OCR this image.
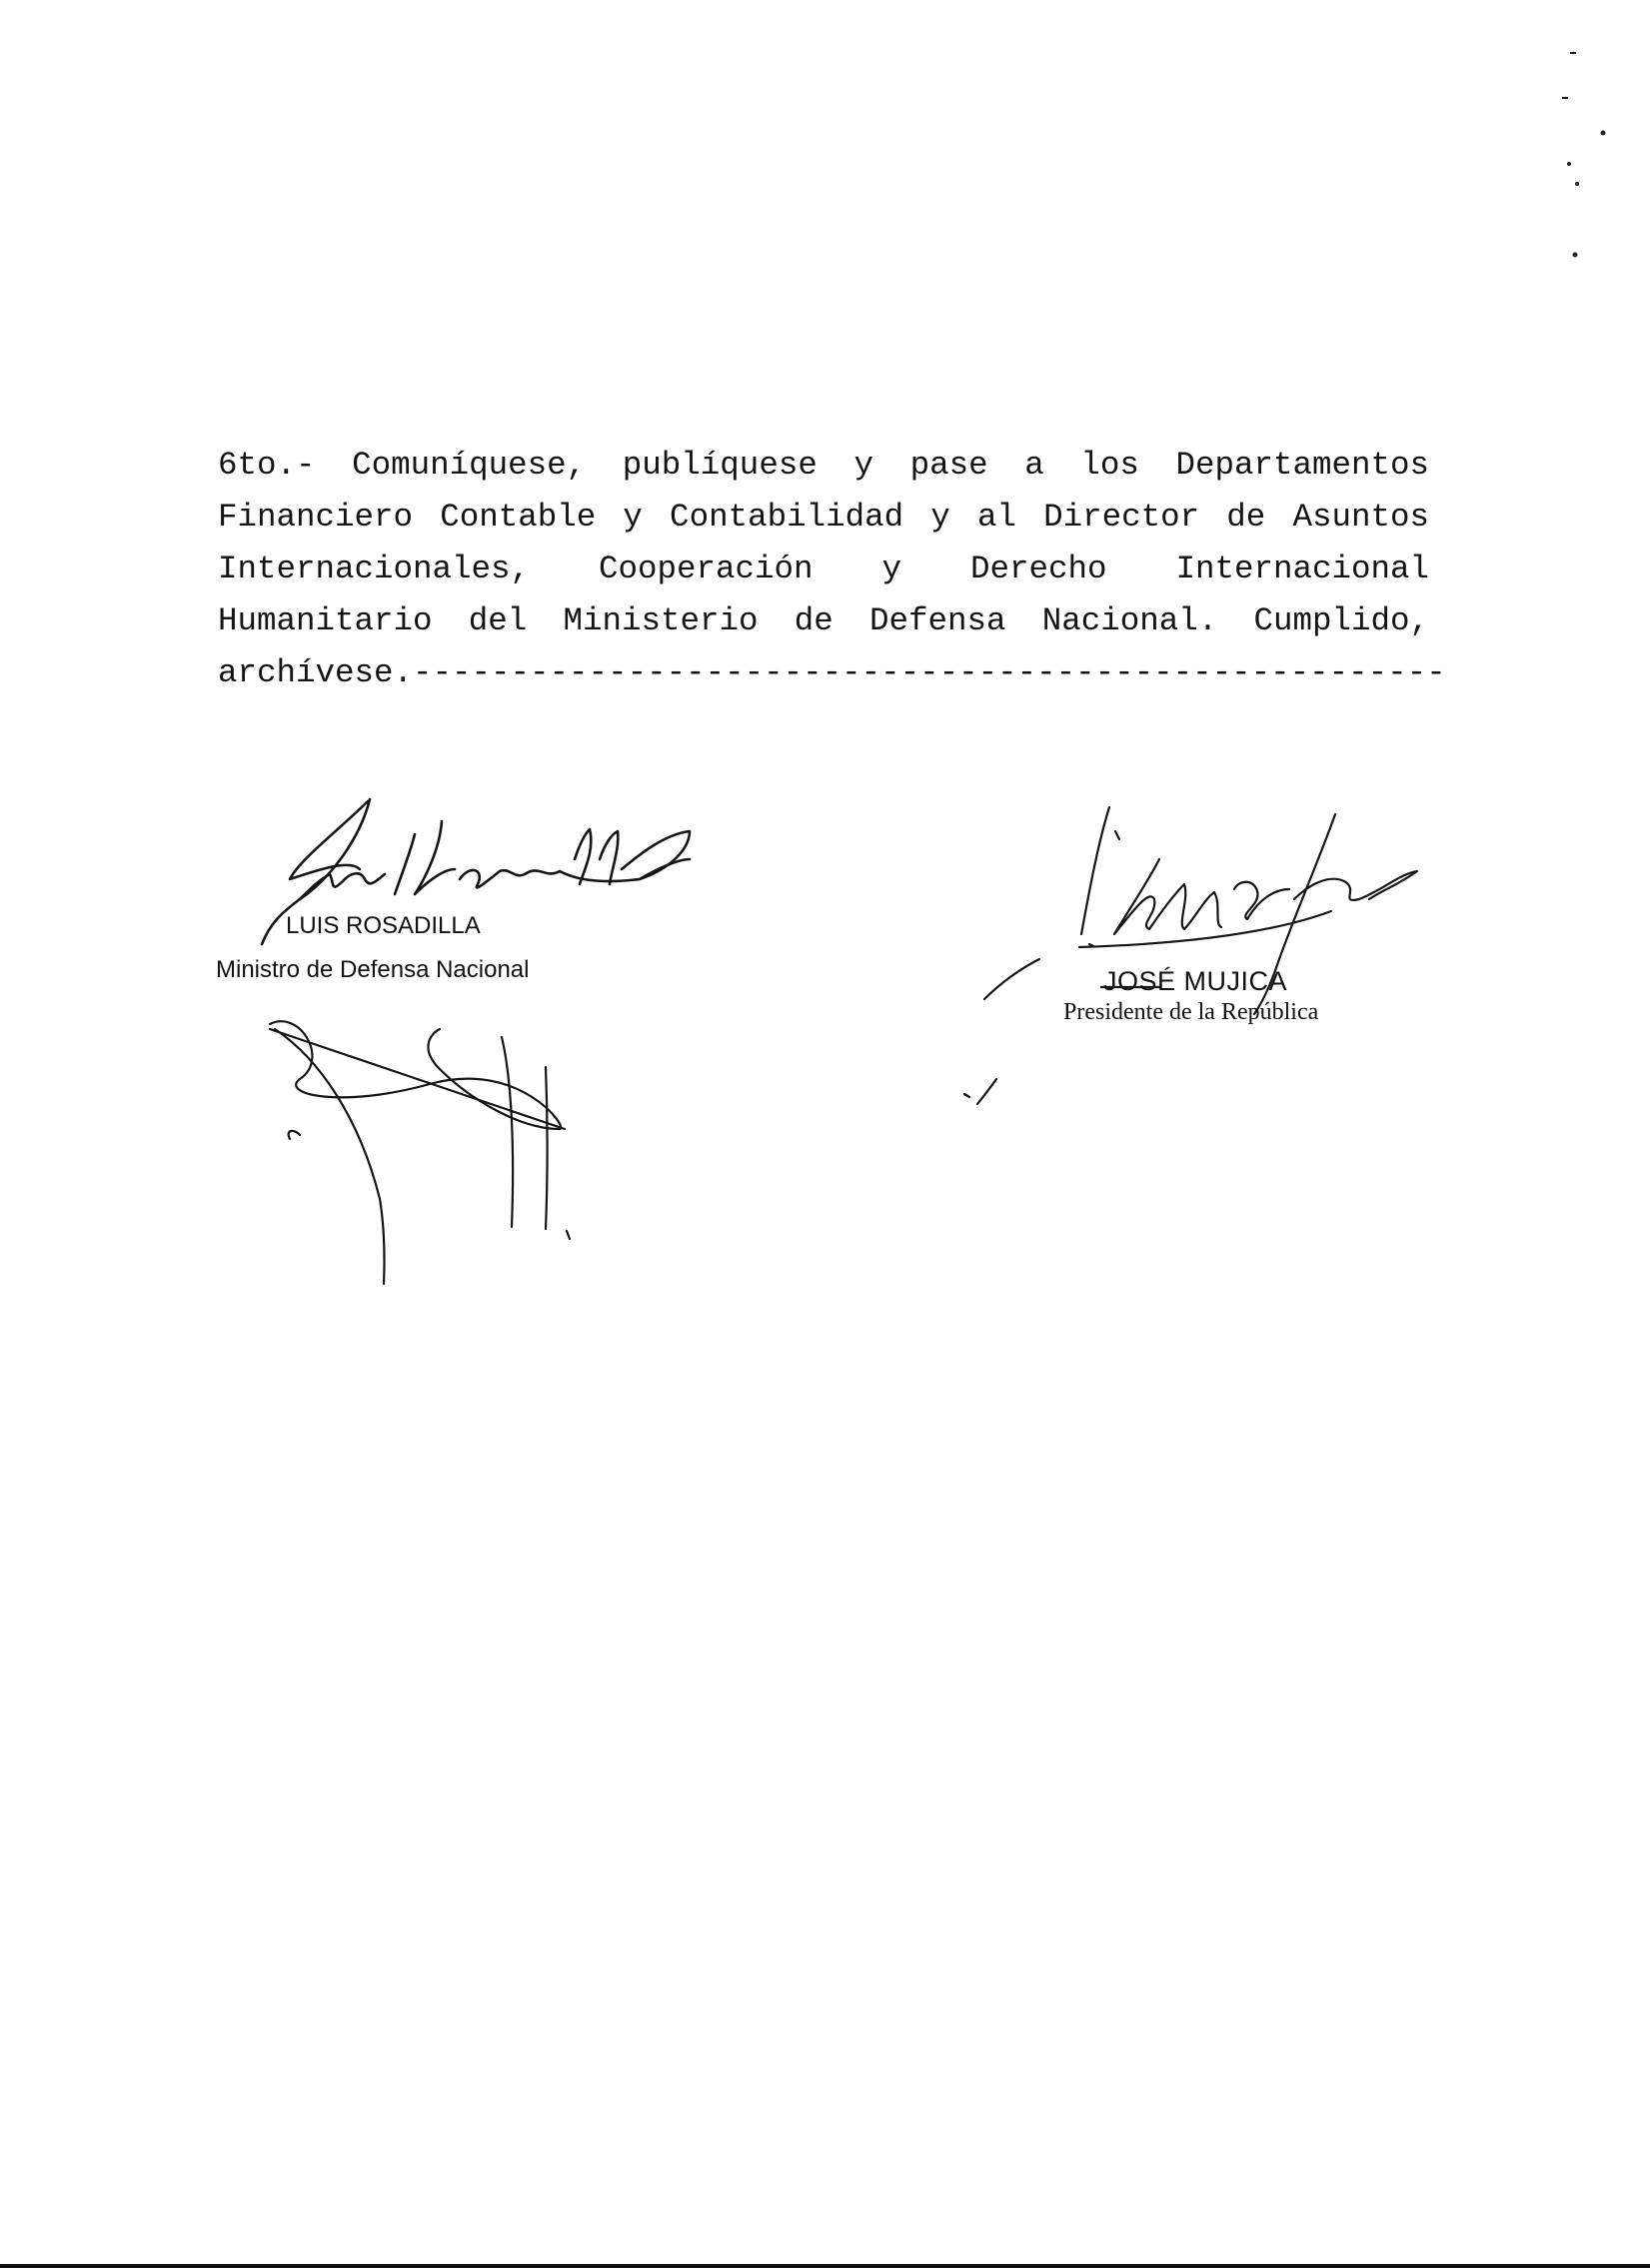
6to.- Comuníquese, publíquese y pase a los Departamentos
Financiero Contable y Contabilidad y al Director de Asuntos
Internacionales, Cooperación y Derecho Internacional
Humanitario del Ministerio de Defensa Nacional. Cumplido,
archívese.-----------------------------------------------------
LUIS ROSADILLA
Ministro de Defensa Nacional	JOSÉ MUJICA
Presidente de la República
